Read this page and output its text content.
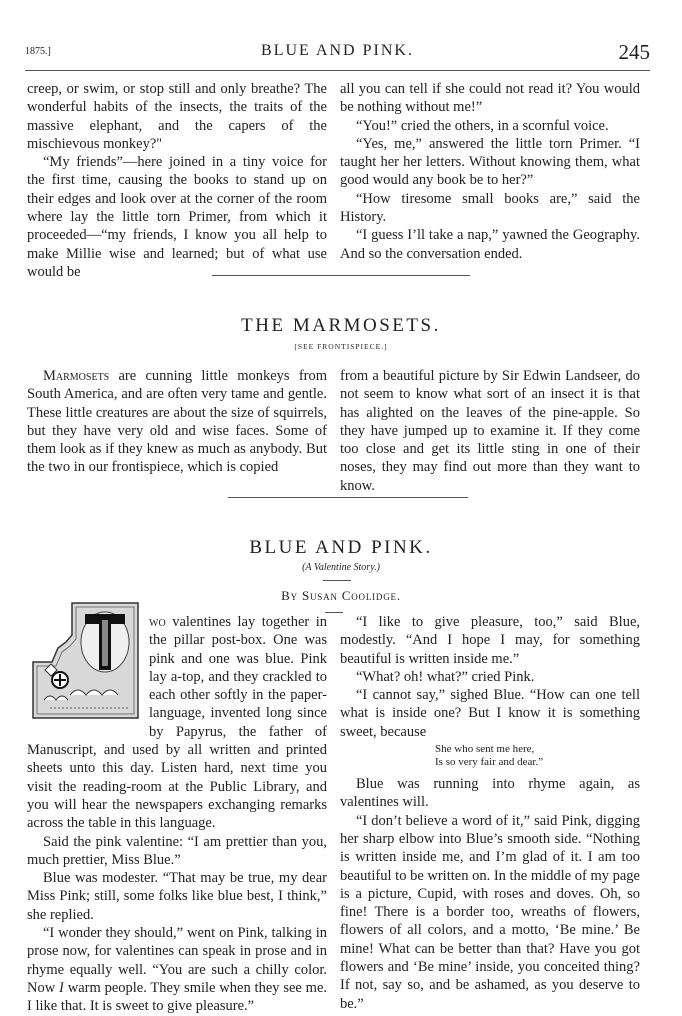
1875.]	BLUE AND PINK.	245

creep, or swim, or stop still and only breathe? The wonderful habits of the insects, the traits of the massive elephant, and the capers of the mischievous monkey?"

“My friends”—here joined in a tiny voice for the first time, causing the books to stand up on their edges and look over at the corner of the room where lay the little torn Primer, from which it proceeded—“my friends, I know you all help to make Millie wise and learned; but of what use would be

all you can tell if she could not read it? You would be nothing without me!”

“You!” cried the others, in a scornful voice.

“Yes, me,” answered the little torn Primer. “I taught her her letters. Without knowing them, what good would any book be to her?”

“How tiresome small books are,” said the History.

“I guess I’ll take a nap,” yawned the Geography. And so the conversation ended.

THE MARMOSETS.
[SEE FRONTISPIECE.]

Marmosets are cunning little monkeys from South America, and are often very tame and gentle. These little creatures are about the size of squirrels, but they have very old and wise faces. Some of them look as if they knew as much as anybody. But the two in our frontispiece, which is copied

from a beautiful picture by Sir Edwin Landseer, do not seem to know what sort of an insect it is that has alighted on the leaves of the pine-apple. So they have jumped up to examine it. If they come too close and get its little sting in one of their noses, they may find out more than they want to know.

BLUE AND PINK.
(A Valentine Story.)
By Susan Coolidge.

wo valentines lay together in the pillar post-box. One was pink and one was blue. Pink lay a-top, and they crackled to each other softly in the paper-language, invented long since by Papyrus, the father of Manuscript, and used by all written and printed sheets unto this day. Listen hard, next time you visit the reading-room at the Public Library, and you will hear the newspapers exchanging remarks across the table in this language.

Said the pink valentine: “I am prettier than you, much prettier, Miss Blue.”

Blue was modester. “That may be true, my dear Miss Pink; still, some folks like blue best, I think,” she replied.

“I wonder they should,” went on Pink, talking in prose now, for valentines can speak in prose and in rhyme equally well. “You are such a chilly color. Now I warm people. They smile when they see me. I like that. It is sweet to give pleasure.”

“I like to give pleasure, too,” said Blue, modestly. “And I hope I may, for something beautiful is written inside me.”

“What? oh! what?” cried Pink.

“I cannot say,” sighed Blue. “How can one tell what is inside one? But I know it is something sweet, because

She who sent me here,
Is so very fair and dear.”

Blue was running into rhyme again, as valentines will.

“I don’t believe a word of it,” said Pink, digging her sharp elbow into Blue’s smooth side. “Nothing is written inside me, and I’m glad of it. I am too beautiful to be written on. In the middle of my page is a picture, Cupid, with roses and doves. Oh, so fine! There is a border too, wreaths of flowers, flowers of all colors, and a motto, ‘Be mine.’ Be mine! What can be better than that? Have you got flowers and ‘Be mine’ inside, you conceited thing? If not, say so, and be ashamed, as you deserve to be.”
